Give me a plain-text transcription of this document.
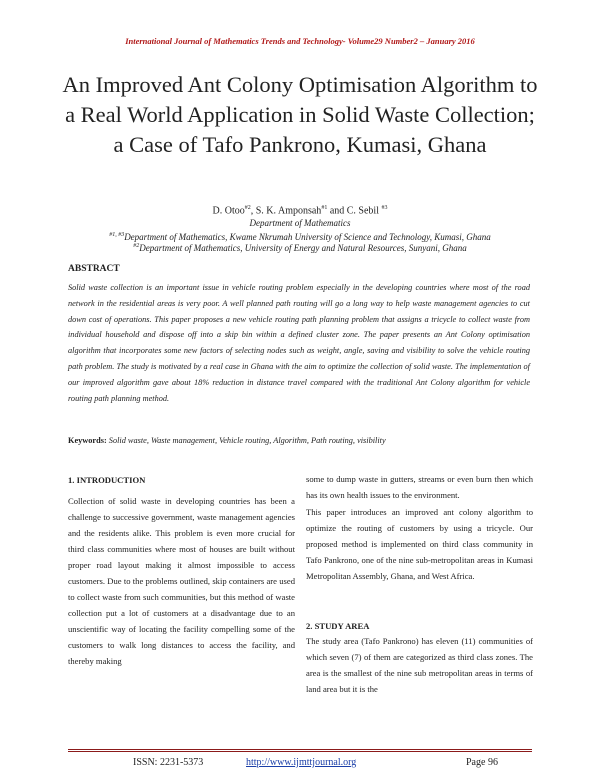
International Journal of Mathematics Trends and Technology- Volume29 Number2 – January 2016
An Improved Ant Colony Optimisation Algorithm to a Real World Application in Solid Waste Collection; a Case of Tafo Pankrono, Kumasi, Ghana
D. Otoo$^{\#2}$, S. K. Amponsah$^{\#1}$ and C. Sebil $^{\#3}$
Department of Mathematics
$^{\#1, \#3}$Department of Mathematics, Kwame Nkrumah University of Science and Technology, Kumasi, Ghana
$^{\#2}$Department of Mathematics, University of Energy and Natural Resources, Sunyani, Ghana
ABSTRACT
Solid waste collection is an important issue in vehicle routing problem especially in the developing countries where most of the road network in the residential areas is very poor. A well planned path routing will go a long way to help waste management agencies to cut down cost of operations. This paper proposes a new vehicle routing path planning problem that assigns a tricycle to collect waste from individual household and dispose off into a skip bin within a defined cluster zone. The paper presents an Ant Colony optimisation algorithm that incorporates some new factors of selecting nodes such as weight, angle, saving and visibility to solve the vehicle routing path problem. The study is motivated by a real case in Ghana with the aim to optimize the collection of solid waste. The implementation of our improved algorithm gave about 18% reduction in distance travel compared with the traditional Ant Colony algorithm for vehicle routing path planning method.
Keywords: Solid waste, Waste management, Vehicle routing, Algorithm, Path routing, visibility
1. INTRODUCTION
Collection of solid waste in developing countries has been a challenge to successive government, waste management agencies and the residents alike. This problem is even more crucial for third class communities where most of houses are built without proper road layout making it almost impossible to access customers. Due to the problems outlined, skip containers are used to collect waste from such communities, but this method of waste collection put a lot of customers at a disadvantage due to an unscientific way of locating the facility compelling some of the customers to walk long distances to access the facility, and thereby making
some to dump waste in gutters, streams or even burn then which has its own health issues to the environment.
This paper introduces an improved ant colony algorithm to optimize the routing of customers by using a tricycle. Our proposed method is implemented on third class community in Tafo Pankrono, one of the nine sub-metropolitan areas in Kumasi Metropolitan Assembly, Ghana, and West Africa.
2. STUDY AREA
The study area (Tafo Pankrono) has eleven (11) communities of which seven (7) of them are categorized as third class zones. The area is the smallest of the nine sub metropolitan areas in terms of land area but it is the
ISSN: 2231-5373	http://www.ijmttjournal.org	Page 96
